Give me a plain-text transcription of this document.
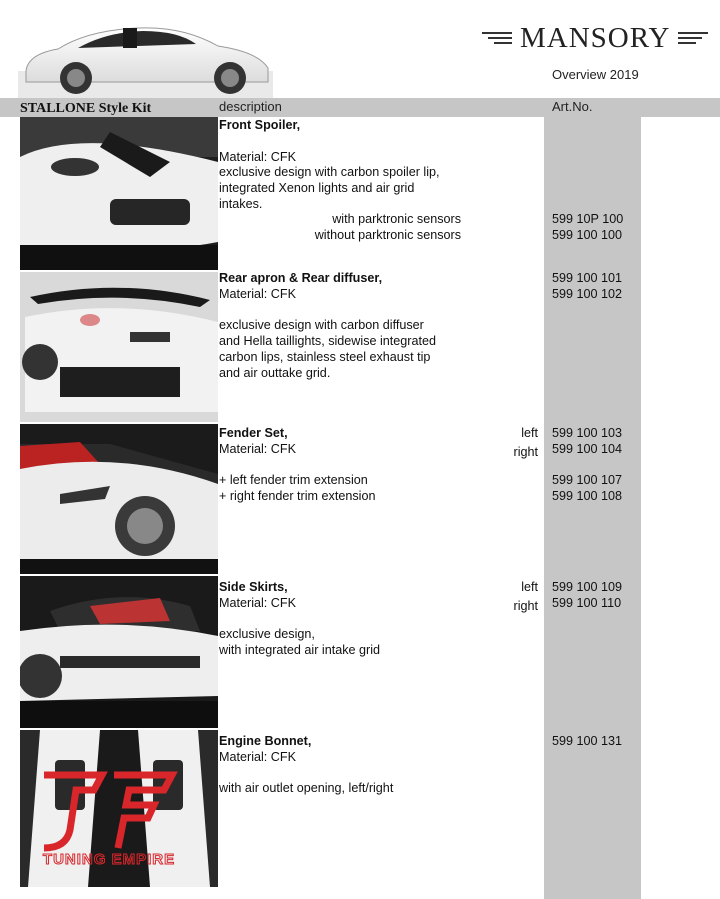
MANSORY
Overview 2019
STALLONE Style Kit	description	Art.No.
Front Spoiler,

Material: CFK
exclusive design with carbon spoiler lip,
integrated Xenon lights and air grid
intakes.
with parktronic sensors
without parktronic sensors
599 10P 100
599 100 100
Rear apron & Rear diffuser,
Material: CFK

exclusive design with carbon diffuser
and Hella taillights, sidewise integrated
carbon lips, stainless steel exhaust tip
and air outtake grid.
599 100 101
599 100 102
Fender Set,
Material: CFK

+ left fender trim extension
+ right fender trim extension
left
right
599 100 103
599 100 104

599 100 107
599 100 108
Side Skirts,
Material: CFK

exclusive design,
with integrated air intake grid
left
right
599 100 109
599 100 110
Engine Bonnet,
Material: CFK

with air outlet opening, left/right
599 100 131
TUNING EMPIRE
